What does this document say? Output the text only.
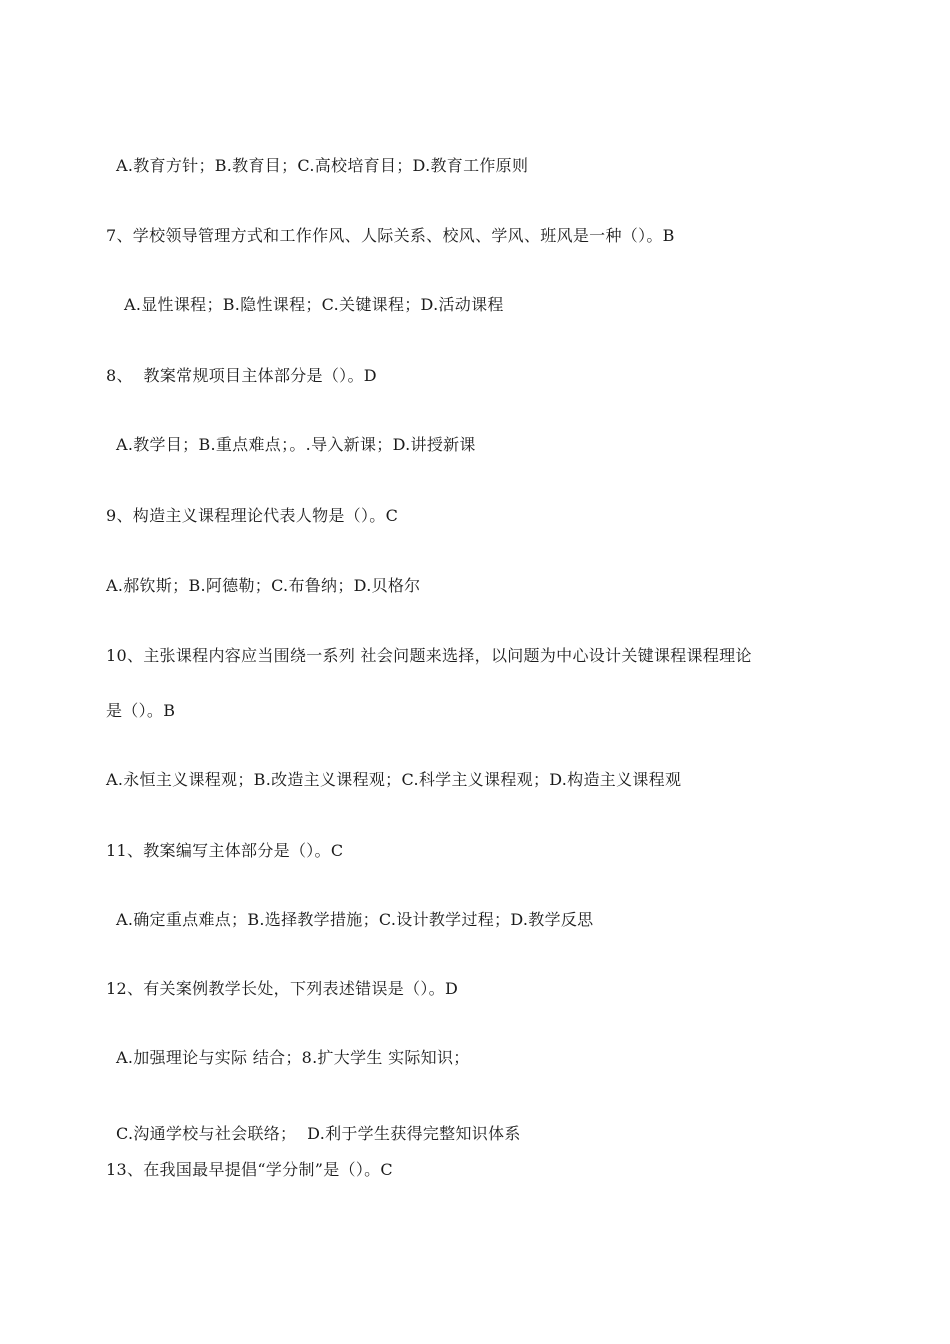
A.教育方针；B.教育目；C.高校培育目；D.教育工作原则
7、学校领导管理方式和工作作风、人际关系、校风、学风、班风是一种（）。B
A.显性课程；B.隐性课程；C.关键课程；D.活动课程
8、  教案常规项目主体部分是（）。D
A.教学目；B.重点难点；。.导入新课；D.讲授新课
9、构造主义课程理论代表人物是（）。C
A.郝钦斯；B.阿德勒；C.布鲁纳；D.贝格尔
10、主张课程内容应当围绕一系列 社会问题来选择，以问题为中心设计关键课程课程理论
是（）。B
A.永恒主义课程观；B.改造主义课程观；C.科学主义课程观；D.构造主义课程观
11、教案编写主体部分是（）。C
A.确定重点难点；B.选择教学措施；C.设计教学过程；D.教学反思
12、有关案例教学长处，下列表述错误是（）。D
A.加强理论与实际 结合；8.扩大学生 实际知识；
C.沟通学校与社会联络；  D.利于学生获得完整知识体系
13、在我国最早提倡“学分制”是（）。C
